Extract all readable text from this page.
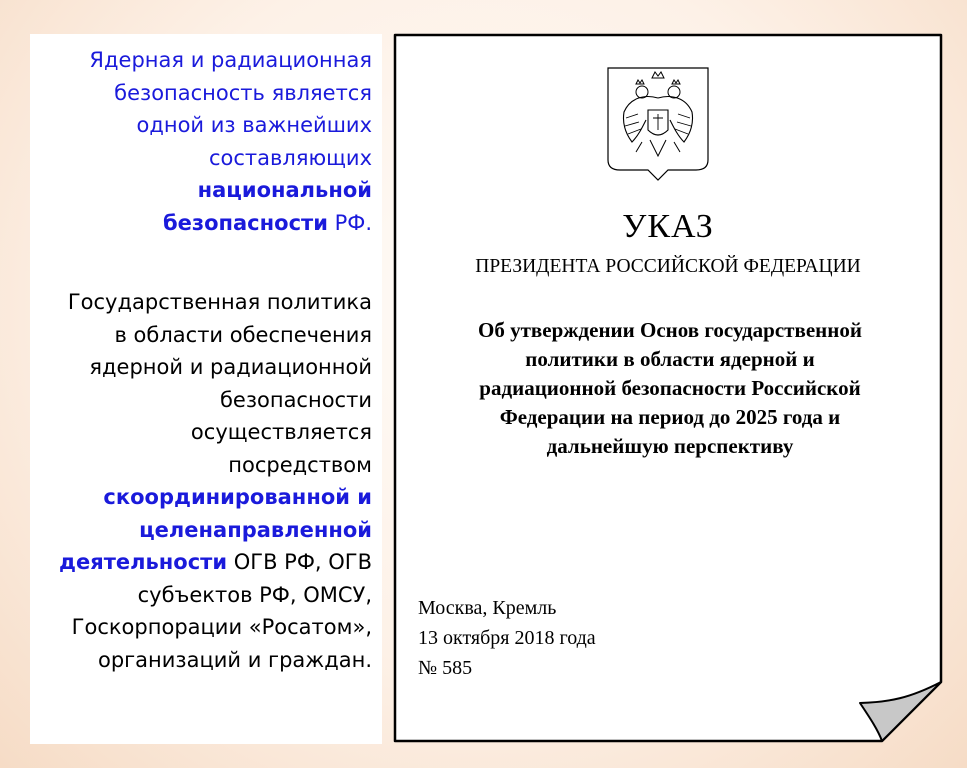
Ядерная и радиационная
безопасность является
одной из важнейших
составляющих
национальной
безопасности РФ.
Государственная политика
в области обеспечения
ядерной и радиационной
безопасности
осуществляется
посредством
скоординированной и
целенаправленной
деятельности ОГВ РФ, ОГВ
субъектов РФ, ОМСУ,
Госкорпорации «Росатом»,
организаций и граждан.
УКАЗ
ПРЕЗИДЕНТА РОССИЙСКОЙ ФЕДЕРАЦИИ
Об утверждении Основ государственной
политики в области ядерной и
радиационной безопасности Российской
Федерации на период до 2025 года и
дальнейшую перспективу
Москва, Кремль
13 октября 2018 года
№ 585
